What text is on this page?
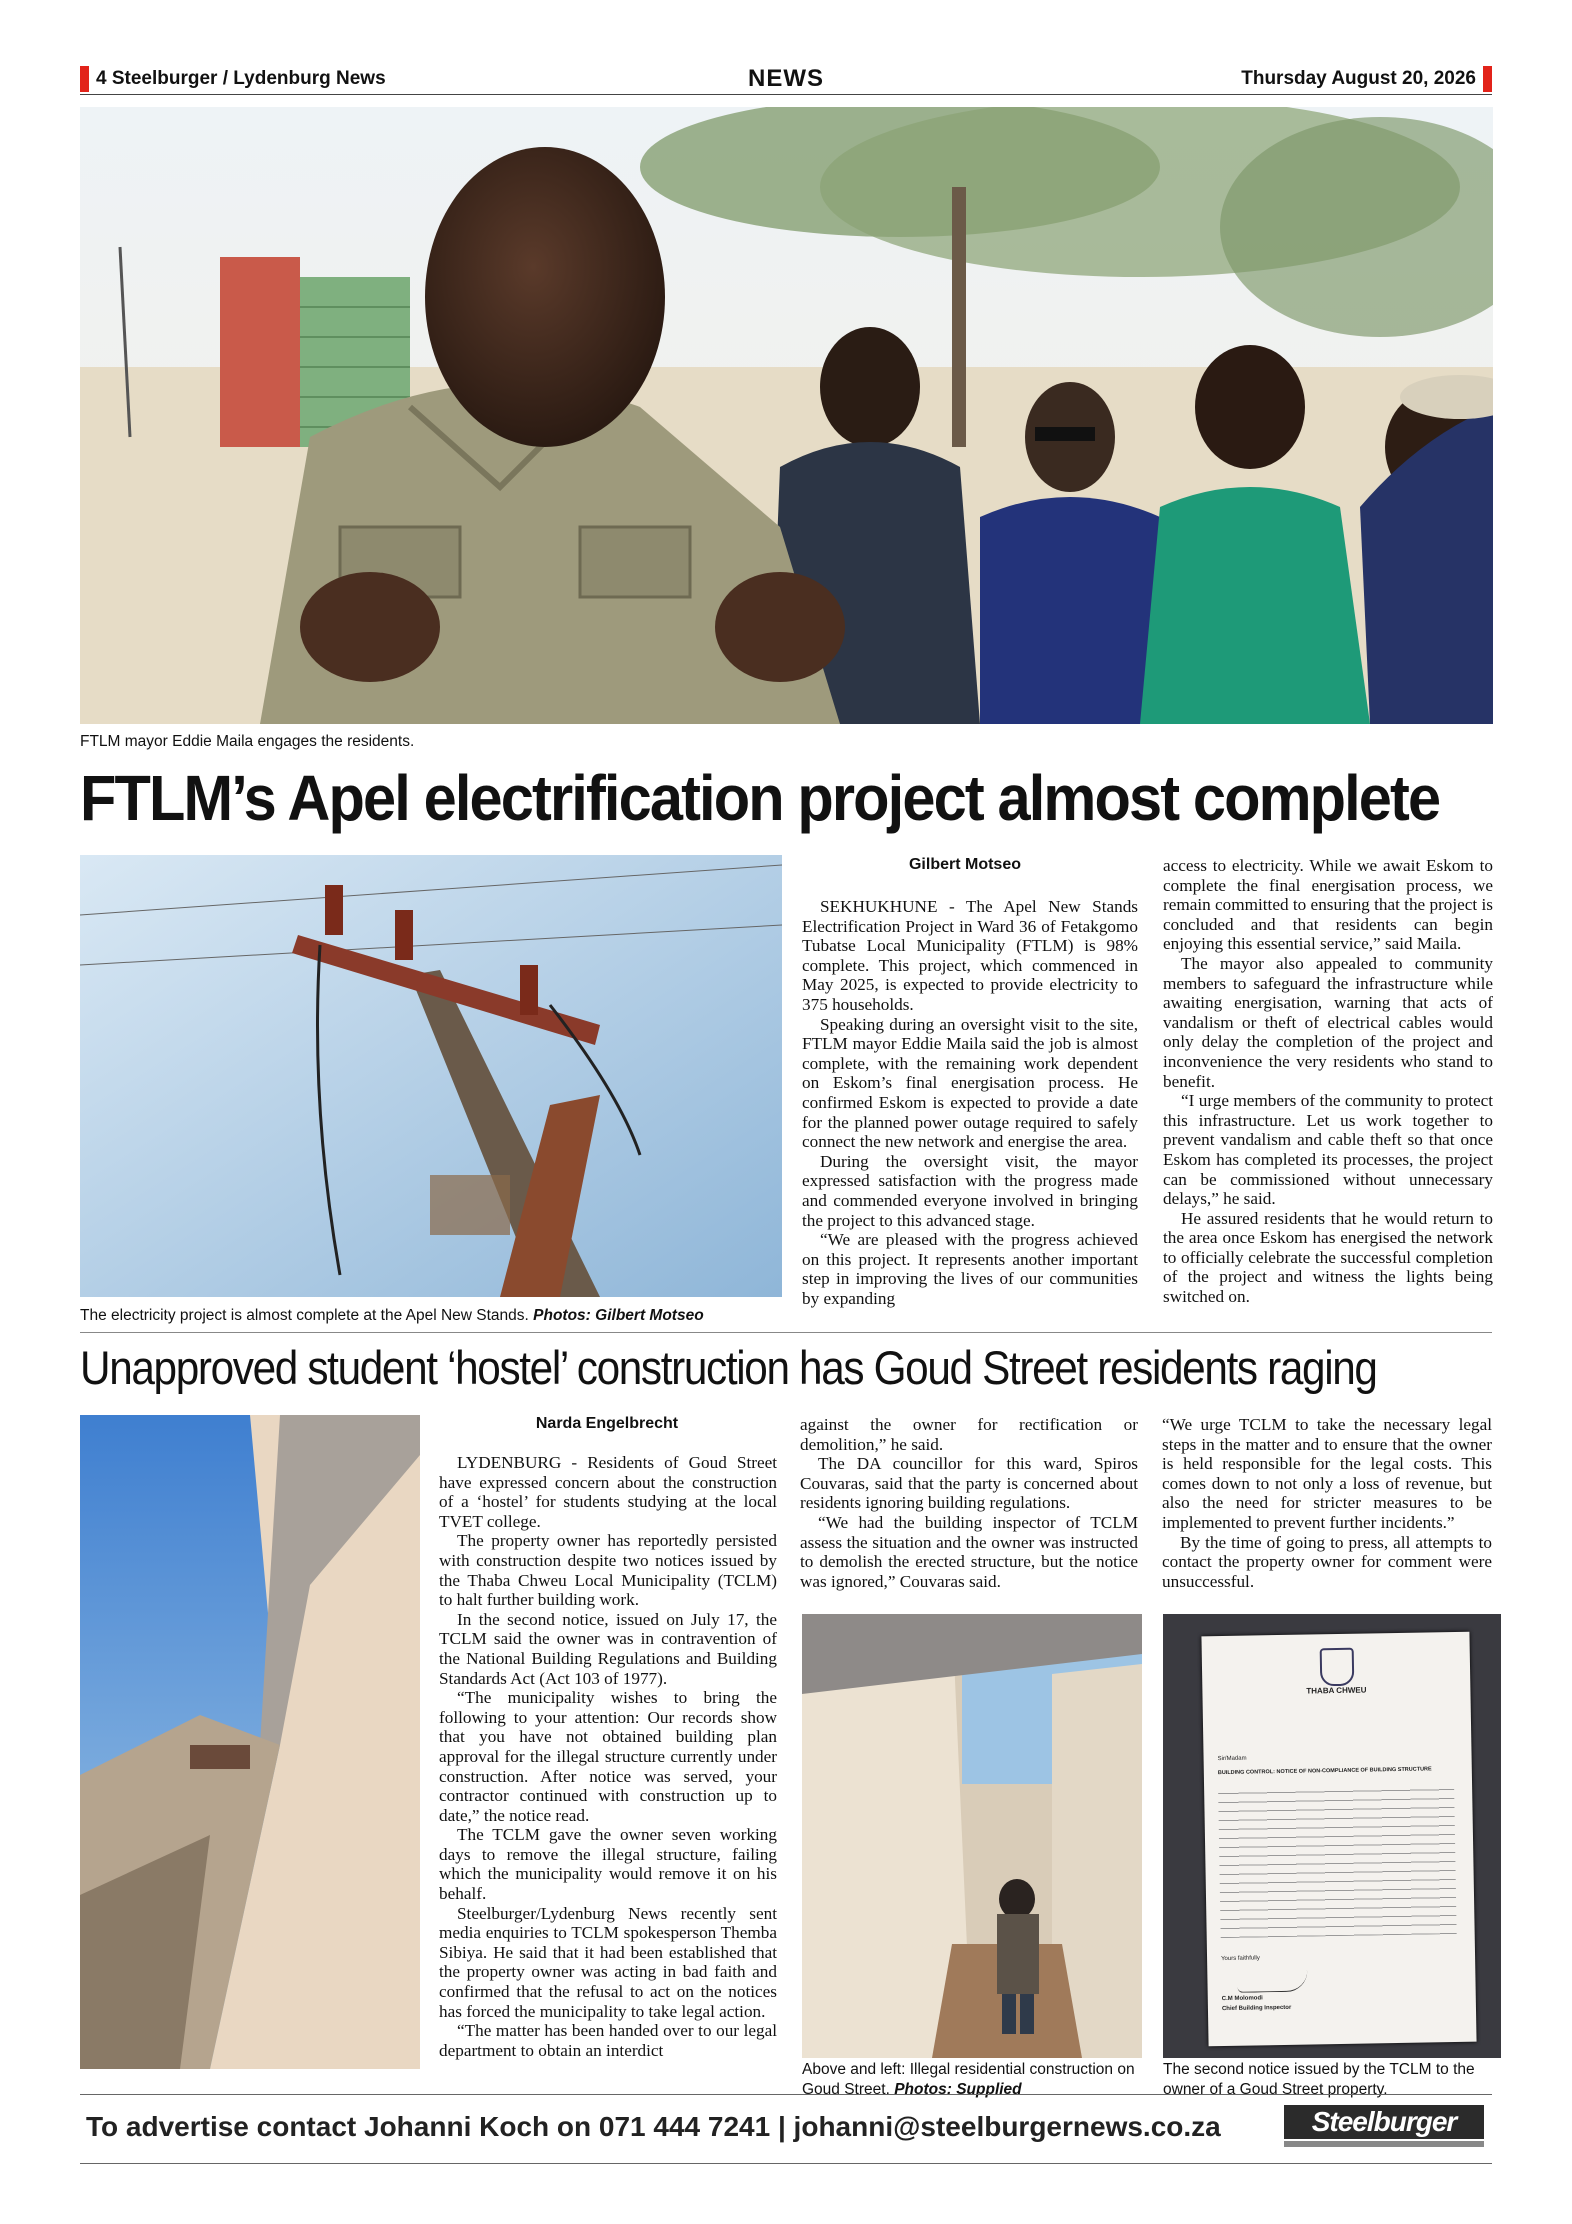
4 Steelburger / Lydenburg News	NEWS	Thursday August 20, 2026
FTLM mayor Eddie Maila engages the residents.
FTLM’s Apel electrification project almost complete
The electricity project is almost complete at the Apel New Stands. Photos: Gilbert Motseo
Gilbert Motseo

SEKHUKHUNE - The Apel New Stands Electrification Project in Ward 36 of Fetakgomo Tubatse Local Municipality (FTLM) is 98% complete. This project, which commenced in May 2025, is expected to provide electricity to 375 households.

Speaking during an oversight visit to the site, FTLM mayor Eddie Maila said the job is almost complete, with the remaining work dependent on Eskom’s final energisation process. He confirmed Eskom is expected to provide a date for the planned power outage required to safely connect the new network and energise the area.

During the oversight visit, the mayor expressed satisfaction with the progress made and commended everyone involved in bringing the project to this advanced stage.

“We are pleased with the progress achieved on this project. It represents another important step in improving the lives of our communities by expanding

access to electricity. While we await Eskom to complete the final energisation process, we remain committed to ensuring that the project is concluded and that residents can begin enjoying this essential service,” said Maila.

The mayor also appealed to community members to safeguard the infrastructure while awaiting energisation, warning that acts of vandalism or theft of electrical cables would only delay the completion of the project and inconvenience the very residents who stand to benefit.

“I urge members of the community to protect this infrastructure. Let us work together to prevent vandalism and cable theft so that once Eskom has completed its processes, the project can be commissioned without unnecessary delays,” he said.

He assured residents that he would return to the area once Eskom has energised the network to officially celebrate the successful completion of the project and witness the lights being switched on.

Unapproved student ‘hostel’ construction has Goud Street residents raging
Narda Engelbrecht

LYDENBURG - Residents of Goud Street have expressed concern about the construction of a ‘hostel’ for students studying at the local TVET college.

The property owner has reportedly persisted with construction despite two notices issued by the Thaba Chweu Local Municipality (TCLM) to halt further building work.

In the second notice, issued on July 17, the TCLM said the owner was in contravention of the National Building Regulations and Building Standards Act (Act 103 of 1977).

“The municipality wishes to bring the following to your attention: Our records show that you have not obtained building plan approval for the illegal structure currently under construction. After notice was served, your contractor continued with construction up to date,” the notice read.

The TCLM gave the owner seven working days to remove the illegal structure, failing which the municipality would remove it on his behalf.

Steelburger/Lydenburg News recently sent media enquiries to TCLM spokesperson Themba Sibiya. He said that it had been established that the property owner was acting in bad faith and confirmed that the refusal to act on the notices has forced the municipality to take legal action.

“The matter has been handed over to our legal department to obtain an interdict

against the owner for rectification or demolition,” he said.

The DA councillor for this ward, Spiros Couvaras, said that the party is concerned about residents ignoring building regulations.

“We had the building inspector of TCLM assess the situation and the owner was instructed to demolish the erected structure, but the notice was ignored,” Couvaras said.

“We urge TCLM to take the necessary legal steps in the matter and to ensure that the owner is held responsible for the legal costs. This comes down to not only a loss of revenue, but also the need for stricter measures to be implemented to prevent further incidents.”

By the time of going to press, all attempts to contact the property owner for comment were unsuccessful.

Above and left: Illegal residential construction on Goud Street. Photos: Supplied
THABA CHWEU
Sir/Madam
BUILDING CONTROL: NOTICE OF NON-COMPLIANCE OF BUILDING STRUCTURE
Yours faithfully
C.M Molomodi
Chief Building Inspector
The second notice issued by the TCLM to the owner of a Goud Street property.
To advertise contact Johanni Koch on 071 444 7241 | johanni@steelburgernews.co.za	Steelburger
